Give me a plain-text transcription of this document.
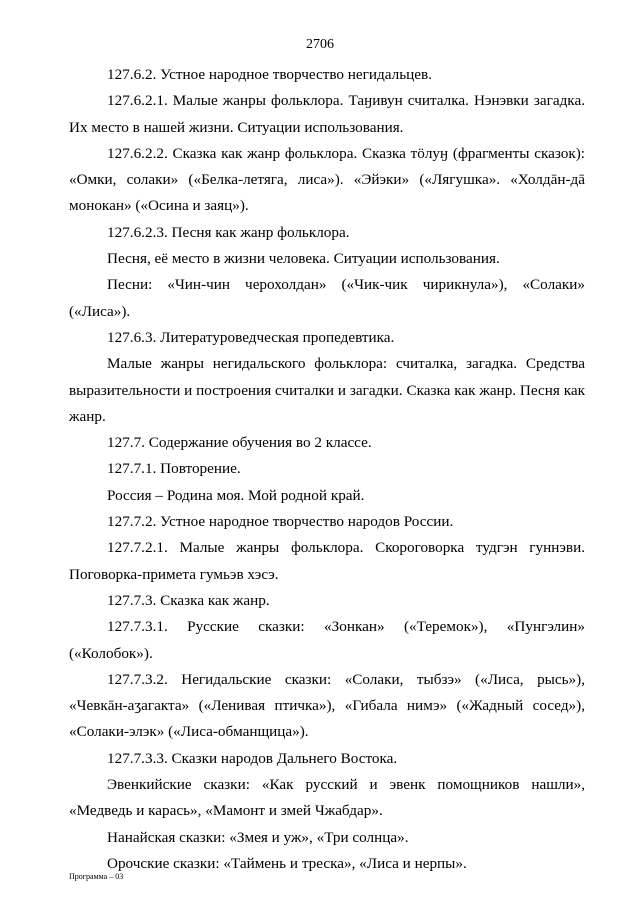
2706

127.6.2. Устное народное творчество негидальцев.

127.6.2.1. Малые жанры фольклора. Таӈивун считалка. Нэнэвки загадка. Их место в нашей жизни. Ситуации использования.

127.6.2.2. Сказка как жанр фольклора. Сказка тӧлуӈ (фрагменты сказок): «Омки, солаки» («Белка-летяга, лиса»). «Эйэки» («Лягушка». «Холдāн-дā монокан» («Осина и заяц»).

127.6.2.3. Песня как жанр фольклора.

Песня, её место в жизни человека. Ситуации использования.

Песни: «Чин-чин черохолдан» («Чик-чик чирикнула»), «Солаки» («Лиса»).

127.6.3. Литературоведческая пропедевтика.

Малые жанры негидальского фольклора: считалка, загадка. Средства выразительности и построения считалки и загадки. Сказка как жанр. Песня как жанр.

127.7. Содержание обучения во 2 классе.

127.7.1. Повторение.

Россия – Родина моя. Мой родной край.

127.7.2. Устное народное творчество народов России.

127.7.2.1. Малые жанры фольклора. Скороговорка тудгэн гуннэви. Поговорка-примета гумьэв хэсэ.

127.7.3. Сказка как жанр.

127.7.3.1. Русские сказки: «Зонкан» («Теремок»), «Пунгэлин» («Колобок»).

127.7.3.2. Негидальские сказки: «Солаки, тыбзэ» («Лиса, рысь»), «Чевкāн-аӡагакта» («Ленивая птичка»), «Гибала нимэ» («Жадный сосед»), «Солаки-элэк» («Лиса-обманщица»).

127.7.3.3. Сказки народов Дальнего Востока.

Эвенкийские сказки: «Как русский и эвенк помощников нашли», «Медведь и карась», «Мамонт и змей Чжабдар».

Нанайская сказки: «Змея и уж», «Три солнца».

Орочские сказки: «Таймень и треска», «Лиса и нерпы».

Программа – 03
